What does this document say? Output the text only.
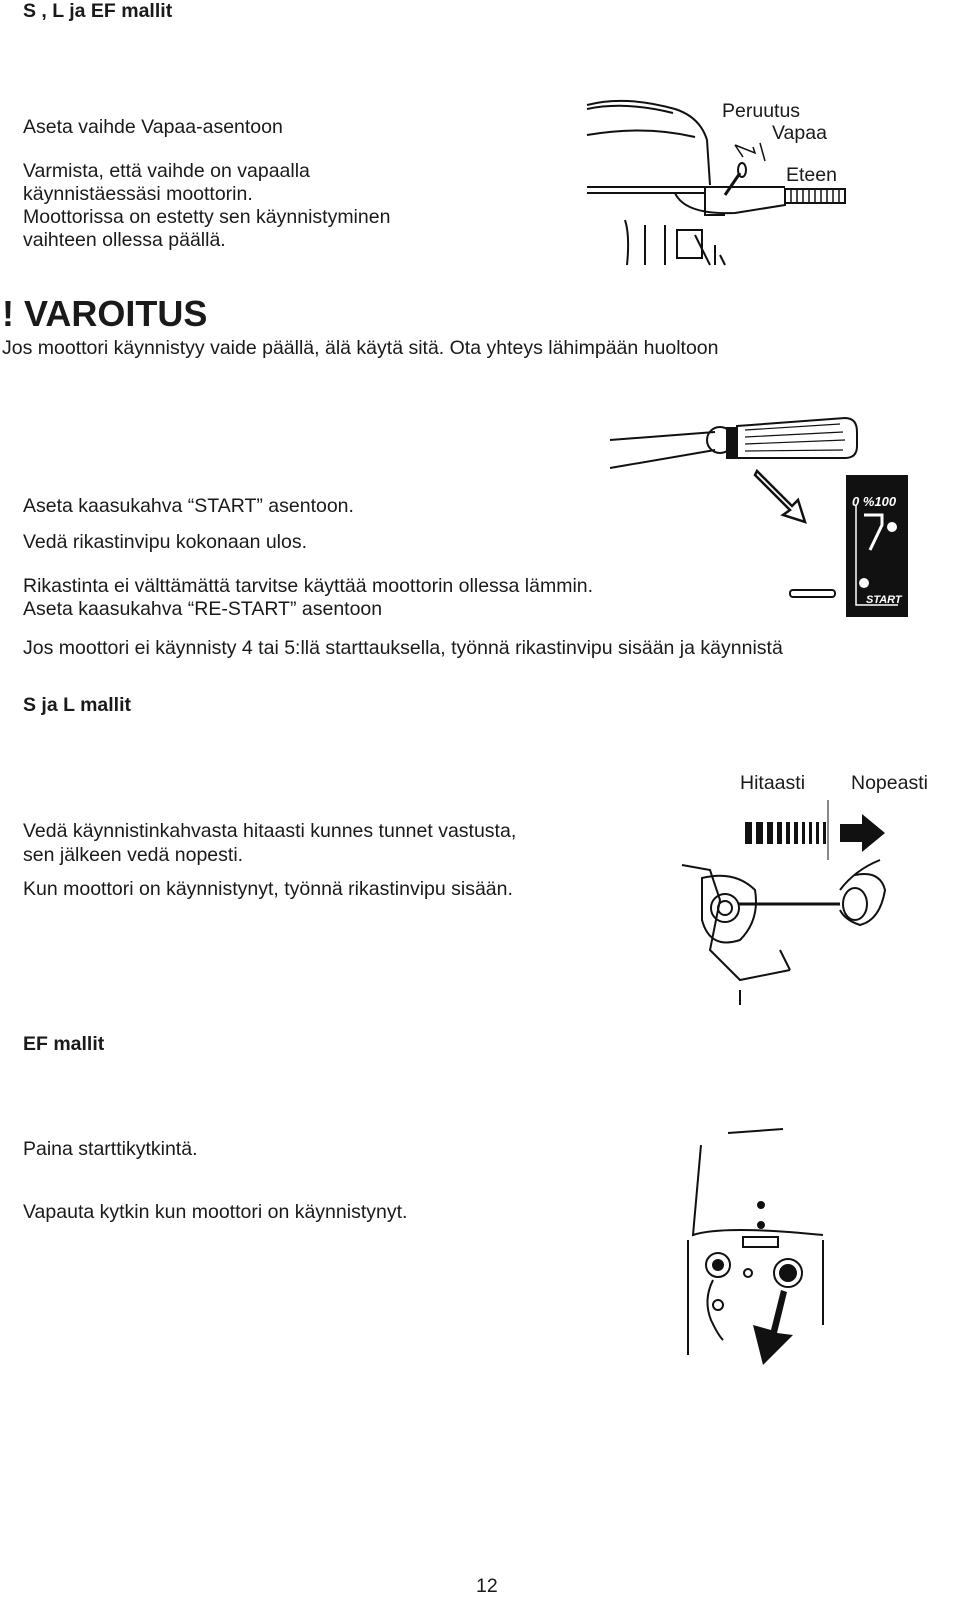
S , L ja EF mallit
Aseta vaihde Vapaa-asentoon
Varmista, että vaihde on vapaalla
käynnistäessäsi moottorin.
Moottorissa on estetty sen käynnistyminen
vaihteen ollessa päällä.
Peruutus
Vapaa
Eteen
! VAROITUS
Jos moottori käynnistyy vaide päällä, älä käytä sitä. Ota yhteys lähimpään huoltoon
Aseta kaasukahva “START” asentoon.
Vedä rikastinvipu kokonaan ulos.
Rikastinta ei välttämättä tarvitse käyttää moottorin ollessa lämmin.
Aseta kaasukahva “RE-START” asentoon
Jos moottori ei käynnisty 4 tai 5:llä starttauksella, työnnä rikastinvipu sisään ja käynnistä
0 %100
START
S ja L mallit
Hitaasti Nopeasti
Vedä käynnistinkahvasta hitaasti kunnes tunnet vastusta,
sen jälkeen vedä nopesti.
Kun moottori on käynnistynyt, työnnä rikastinvipu sisään.
EF mallit
Paina starttikytkintä.
Vapauta kytkin kun moottori on käynnistynyt.
12
